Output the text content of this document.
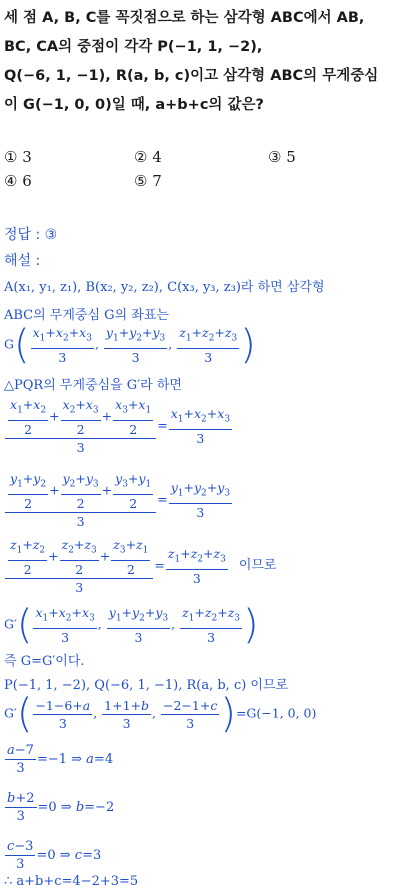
세 점 A, B, C를 꼭짓점으로 하는 삼각형 ABC에서 AB,
BC, CA의 중점이 각각 P(−1, 1, −2),
Q(−6, 1, −1), R(a, b, c)이고 삼각형 ABC의 무게중심
이 G(−1, 0, 0)일 때, a+b+c의 값은?
① 3	② 4	③ 5
④ 6	⑤ 7
정답 : ③
해설 :
A(x₁, y₁, z₁), B(x₂, y₂, z₂), C(x₃, y₃, z₃)라 하면 삼각형
ABC의 무게중심 G의 좌표는
$G( \frac{x_1+x_2+x_3}{3}$ , $\frac{y_1+y_2+y_3}{3}$ , $\frac{z_1+z_2+z_3}{3}$ )
△PQR의 무게중심을 G′라 하면
$\frac{\frac{x_1+x_2}{2} + \frac{x_2+x_3}{2} + \frac{x_3+x_1}{2}}{3} = \frac{x_1+x_2+x_3}{3}$
$\frac{\frac{y_1+y_2}{2} + \frac{y_2+y_3}{2} + \frac{y_3+y_1}{2}}{3} = \frac{y_1+y_2+y_3}{3}$
$\frac{\frac{z_1+z_2}{2} + \frac{z_2+z_3}{2} + \frac{z_3+z_1}{2}}{3} = \frac{z_1+z_2+z_3}{3}$ 이므로
$G'( \frac{x_1+x_2+x_3}{3}$ , $\frac{y_1+y_2+y_3}{3}$ , $\frac{z_1+z_2+z_3}{3}$ )
즉 G=G′이다.
P(−1, 1, −2), Q(−6, 1, −1), R(a, b, c) 이므로
$G'( \frac{-1-6+a}{3}$ , $\frac{1+1+b}{3}$ , $\frac{-2-1+c}{3} )=G(-1$, 0, 0)
$\frac{a-7}{3} =-1$ ⇒ a=4
$\frac{b+2}{3} =0$ ⇒ b=−2
$\frac{c-3}{3} =0$ ⇒ c=3
∴ a+b+c=4−2+3=5
